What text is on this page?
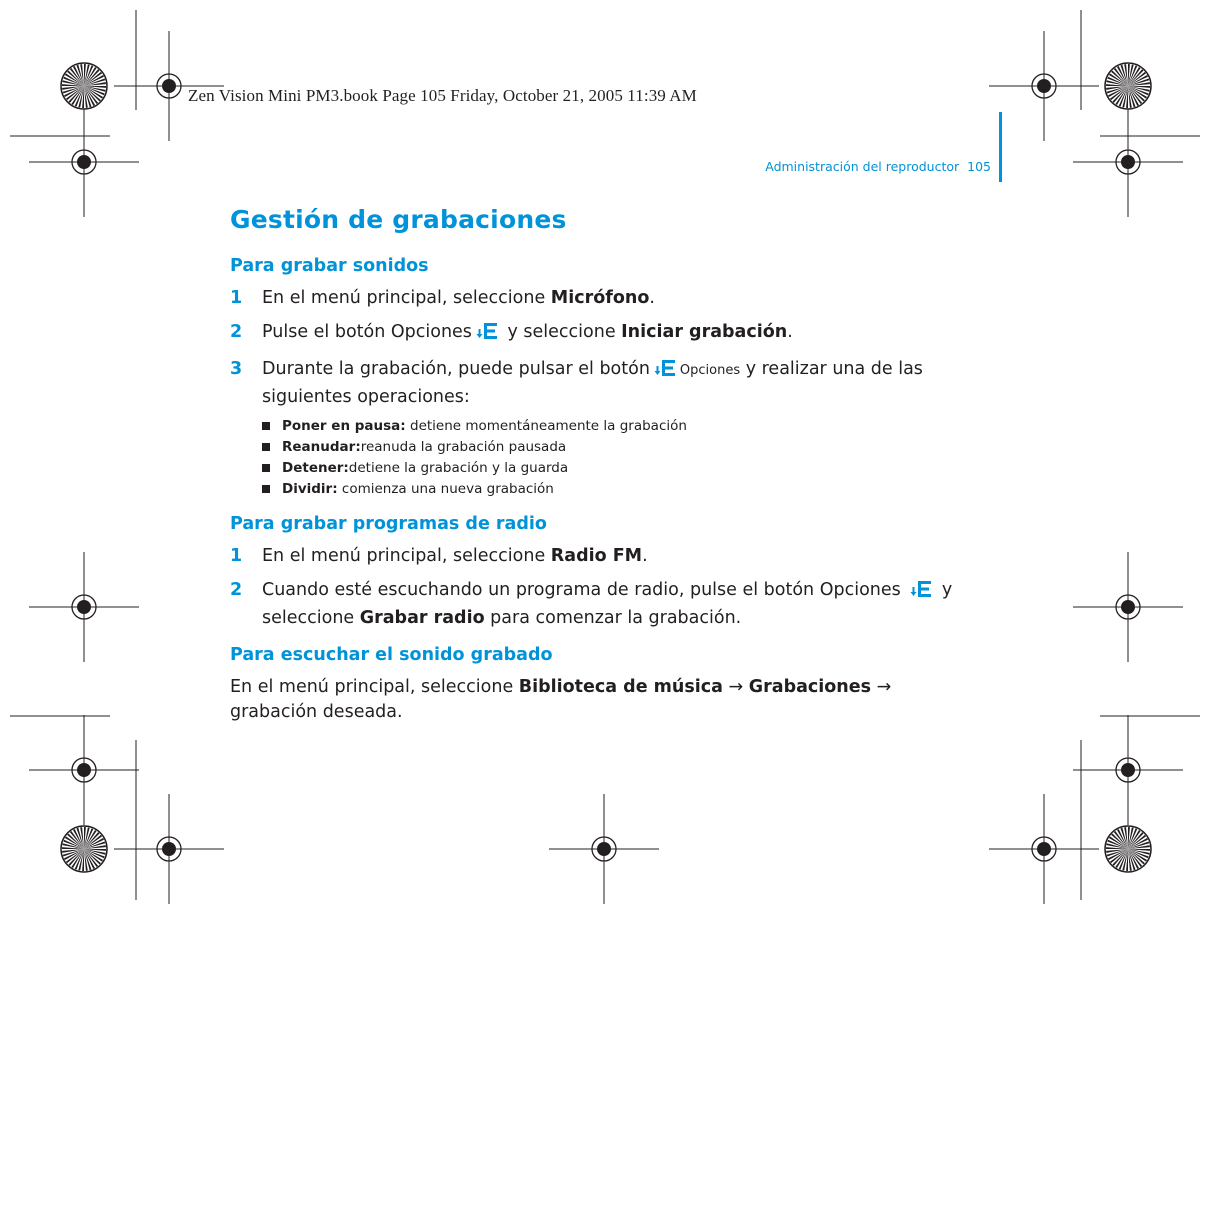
Zen Vision Mini PM3.book Page 105 Friday, October 21, 2005 11:39 AM
Administración del reproductor 105
Gestión de grabaciones
Para grabar sonidos
1 En el menú principal, seleccione Micrófono.
2 Pulse el botón Opciones y seleccione Iniciar grabación.
3 Durante la grabación, puede pulsar el botón Opciones y realizar una de las siguientes operaciones:
Poner en pausa: detiene momentáneamente la grabación
Reanudar:reanuda la grabación pausada
Detener:detiene la grabación y la guarda
Dividir: comienza una nueva grabación
Para grabar programas de radio
1 En el menú principal, seleccione Radio FM.
2 Cuando esté escuchando un programa de radio, pulse el botón Opciones  y seleccione Grabar radio para comenzar la grabación.
Para escuchar el sonido grabado

En el menú principal, seleccione Biblioteca de música → Grabaciones →
grabación deseada.
